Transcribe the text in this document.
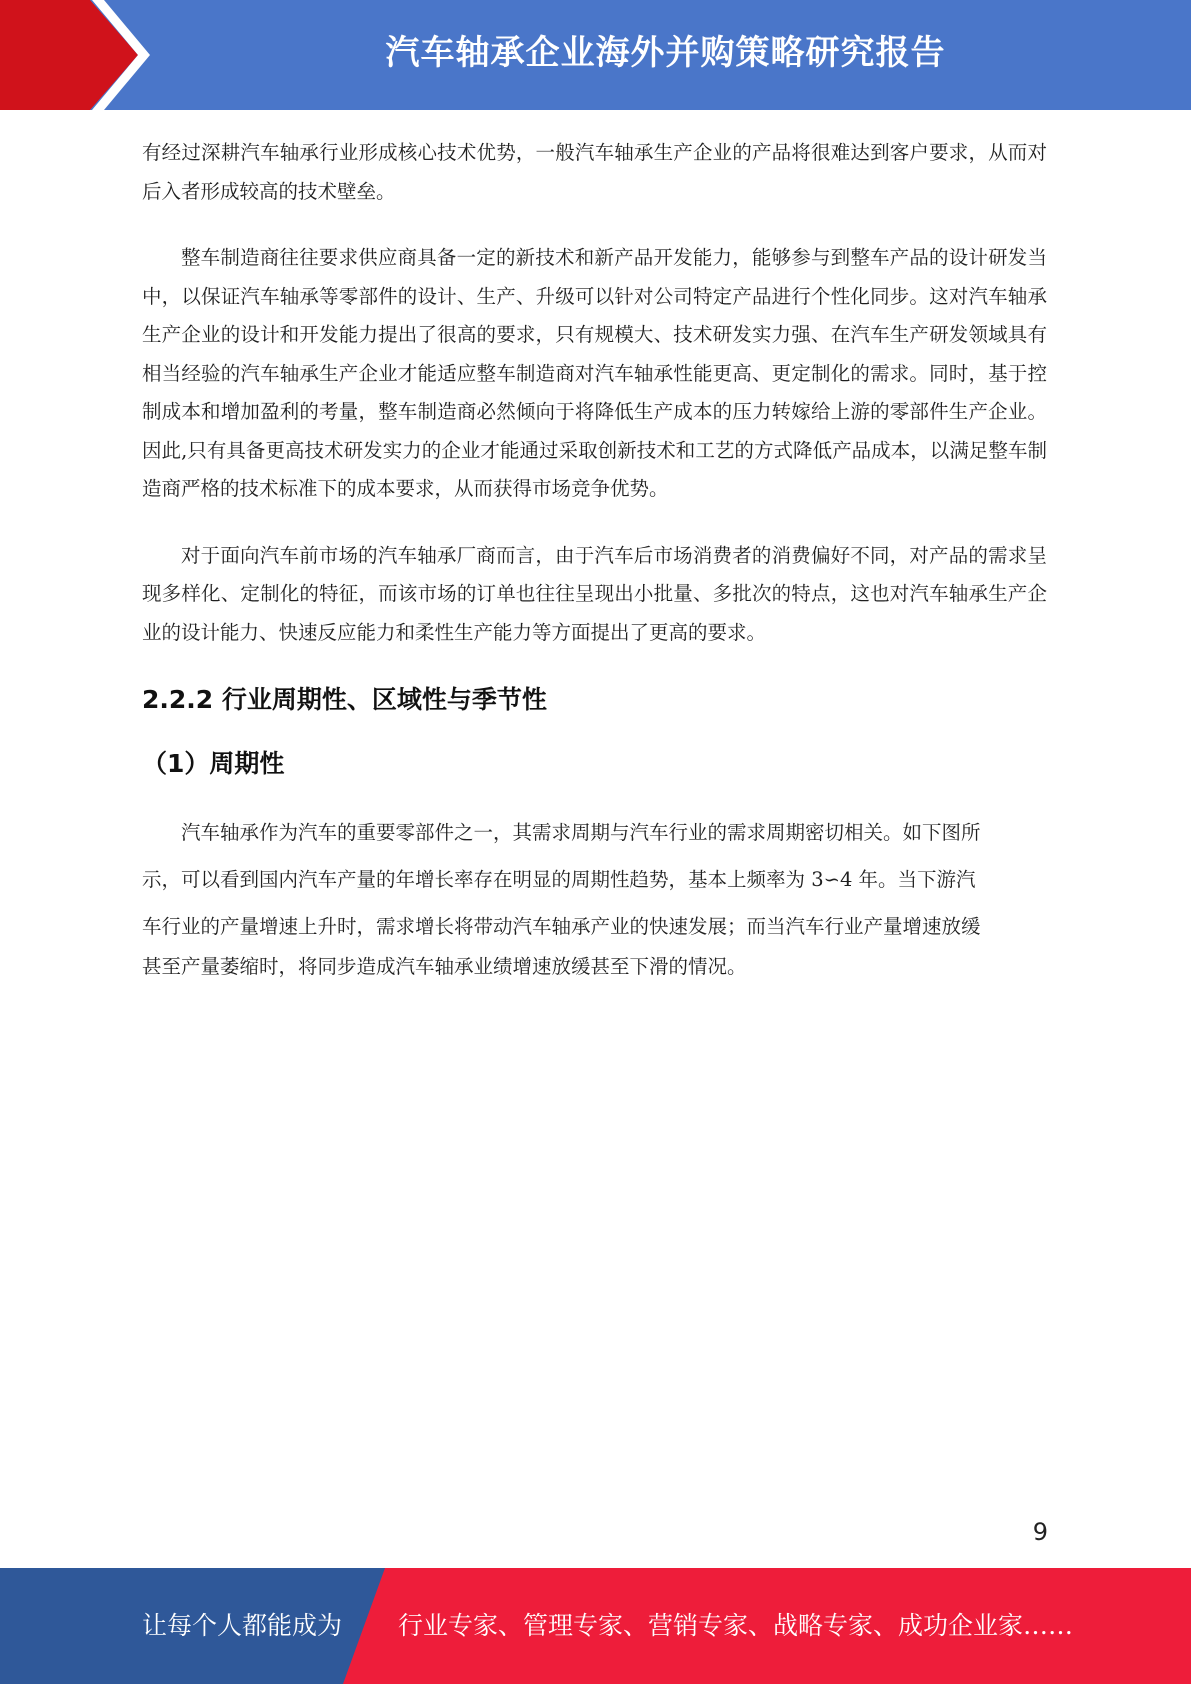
汽车轴承企业海外并购策略研究报告

有经过深耕汽车轴承行业形成核心技术优势，一般汽车轴承生产企业的产品将很难达到客户要求，从而对后入者形成较高的技术壁垒。

整车制造商往往要求供应商具备一定的新技术和新产品开发能力，能够参与到整车产品的设计研发当中，以保证汽车轴承等零部件的设计、生产、升级可以针对公司特定产品进行个性化同步。这对汽车轴承生产企业的设计和开发能力提出了很高的要求，只有规模大、技术研发实力强、在汽车生产研发领域具有相当经验的汽车轴承生产企业才能适应整车制造商对汽车轴承性能更高、更定制化的需求。同时，基于控制成本和增加盈利的考量，整车制造商必然倾向于将降低生产成本的压力转嫁给上游的零部件生产企业。因此,只有具备更高技术研发实力的企业才能通过采取创新技术和工艺的方式降低产品成本，以满足整车制造商严格的技术标准下的成本要求，从而获得市场竞争优势。

对于面向汽车前市场的汽车轴承厂商而言，由于汽车后市场消费者的消费偏好不同，对产品的需求呈现多样化、定制化的特征，而该市场的订单也往往呈现出小批量、多批次的特点，这也对汽车轴承生产企业的设计能力、快速反应能力和柔性生产能力等方面提出了更高的要求。

2.2.2 行业周期性、区域性与季节性
（1）周期性
汽车轴承作为汽车的重要零部件之一，其需求周期与汽车行业的需求周期密切相关。如下图所
示，可以看到国内汽车产量的年增长率存在明显的周期性趋势，基本上频率为 3∽4 年。当下游汽
车行业的产量增速上升时，需求增长将带动汽车轴承产业的快速发展；而当汽车行业产量增速放缓
甚至产量萎缩时，将同步造成汽车轴承业绩增速放缓甚至下滑的情况。
9
让每个人都能成为 行业专家、管理专家、营销专家、战略专家、成功企业家……
